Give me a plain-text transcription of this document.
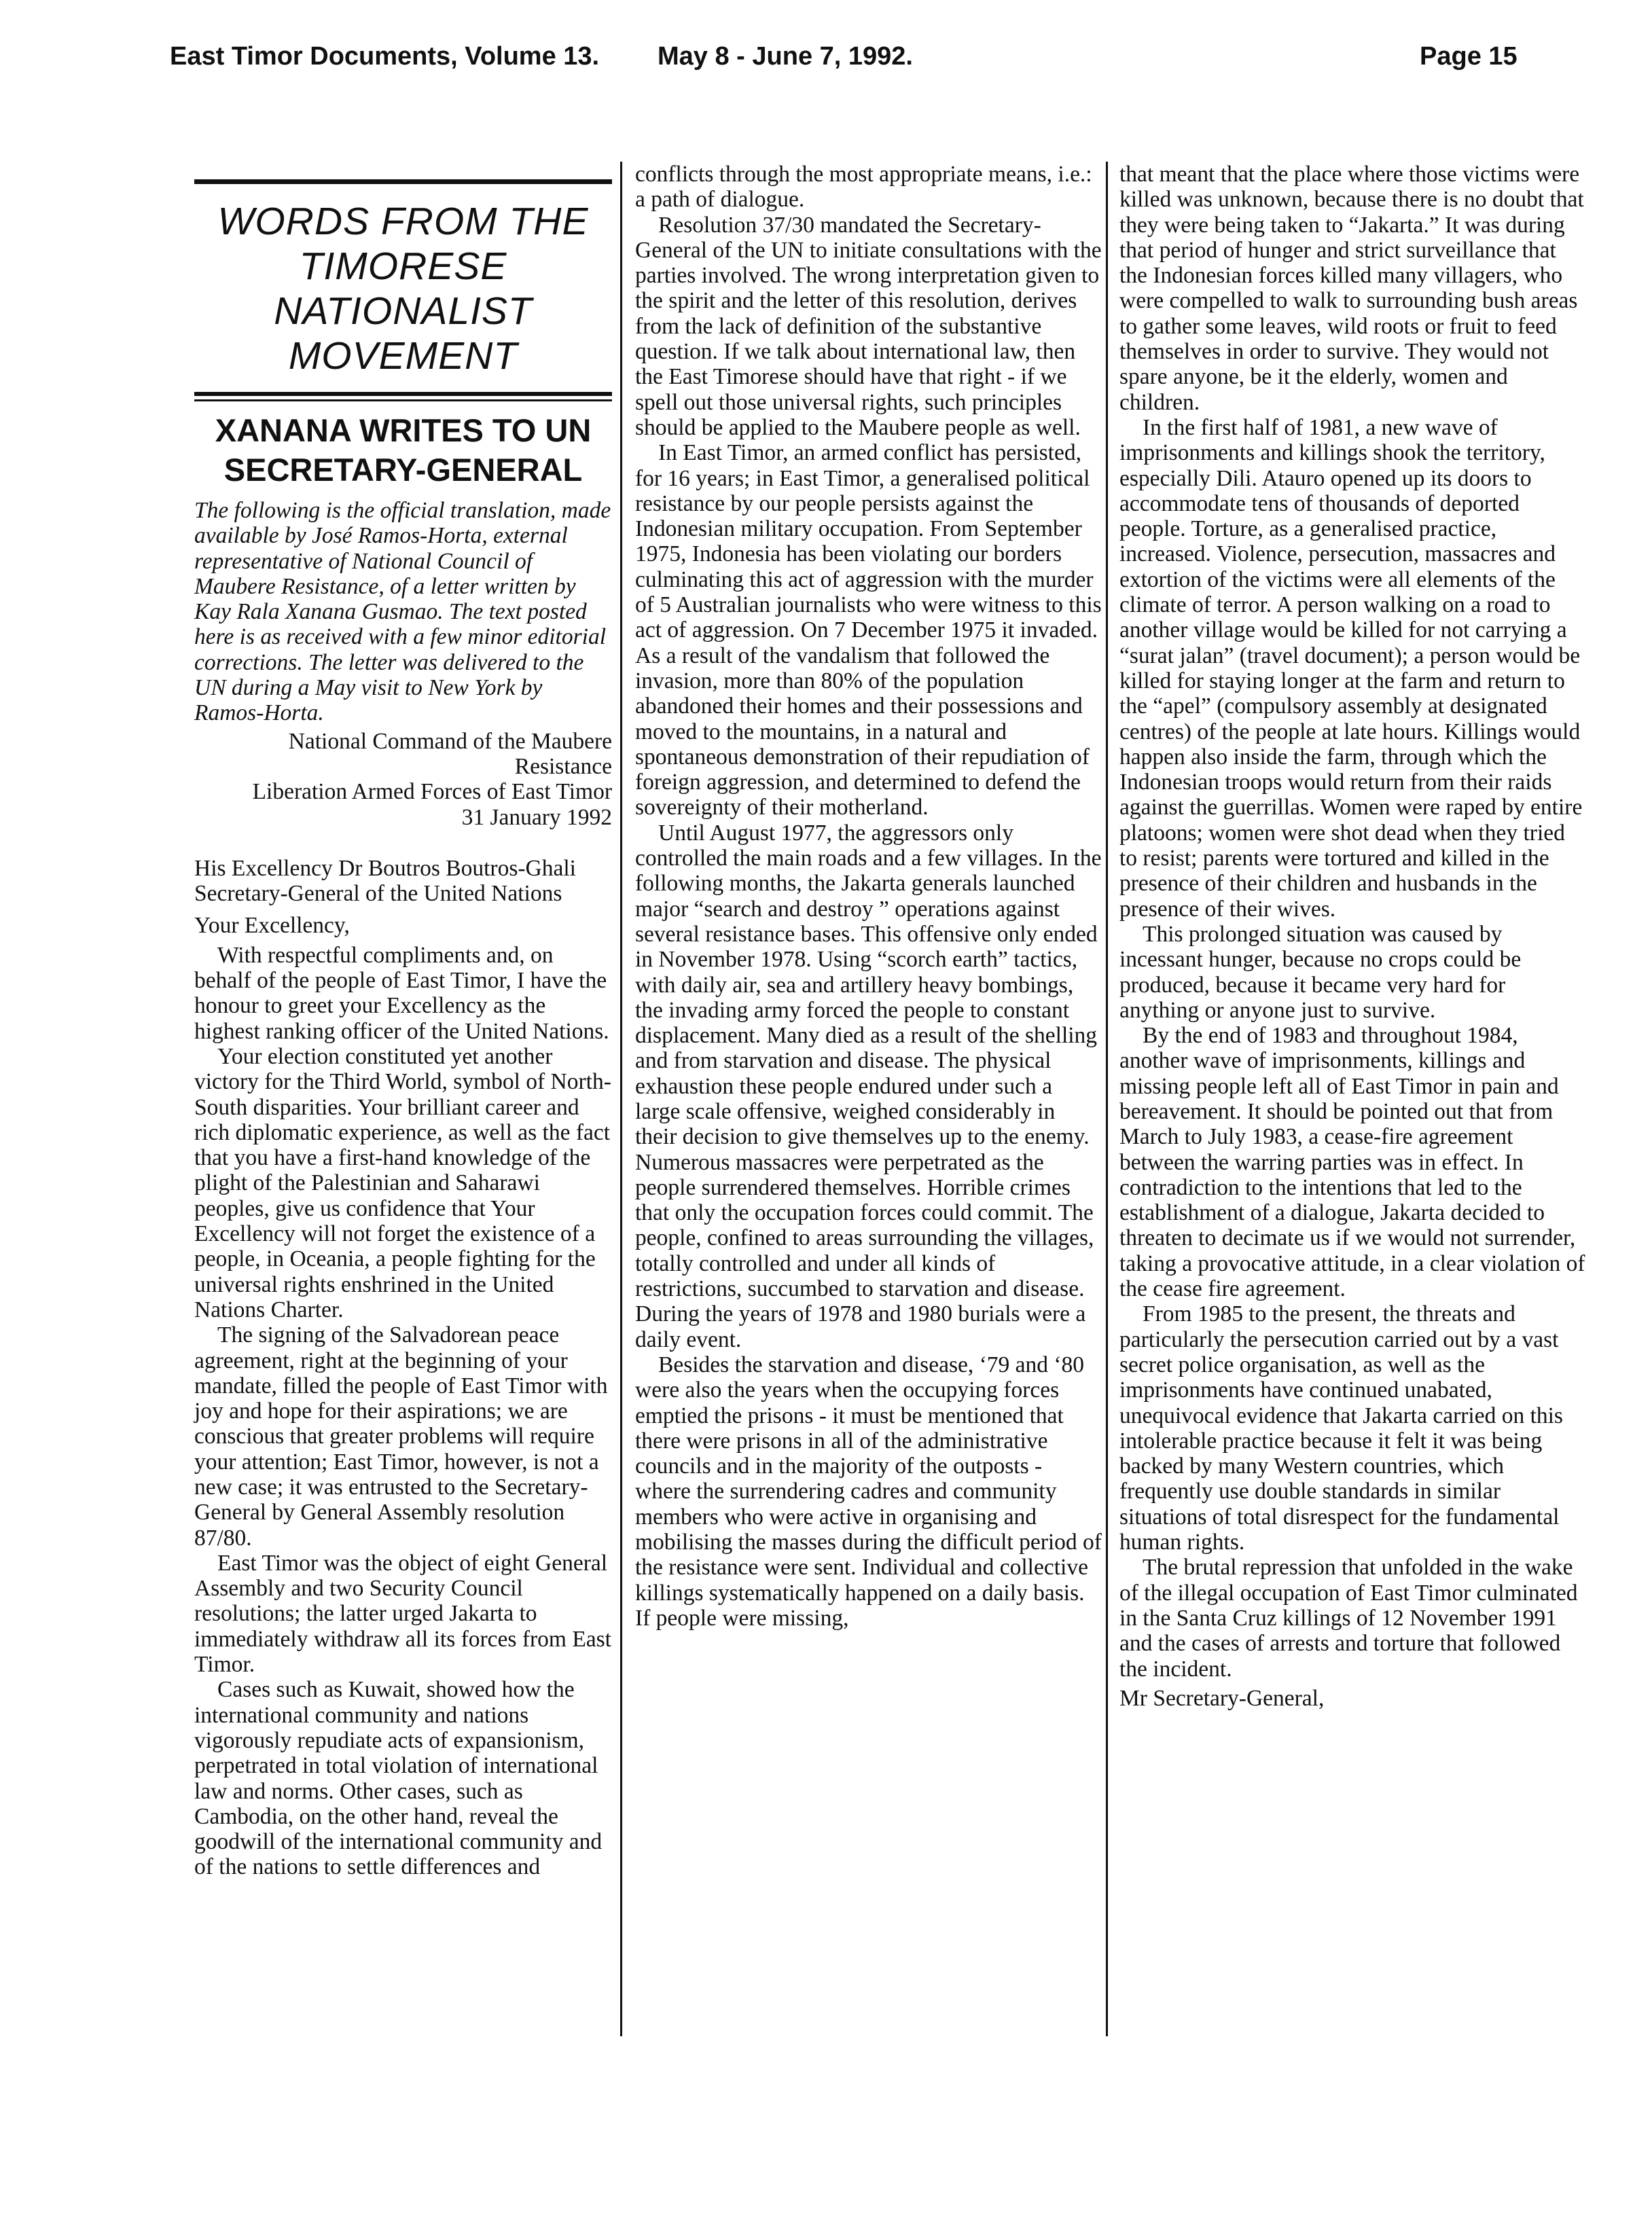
East Timor Documents, Volume 13. May 8 - June 7, 1992.	Page 15
WORDS FROM THE TIMORESE NATIONALIST MOVEMENT
XANANA WRITES TO UN SECRETARY-GENERAL

The following is the official translation, made available by José Ramos-Horta, external representative of National Council of Maubere Resistance, of a letter written by Kay Rala Xanana Gusmao. The text posted here is as received with a few minor editorial corrections. The letter was delivered to the UN during a May visit to New York by Ramos-Horta.

National Command of the Maubere Resistance
Liberation Armed Forces of East Timor
31 January 1992
His Excellency Dr Boutros Boutros-Ghali
Secretary-General of the United Nations
Your Excellency,

With respectful compliments and, on behalf of the people of East Timor, I have the honour to greet your Excellency as the highest ranking officer of the United Nations.

Your election constituted yet another victory for the Third World, symbol of North-South disparities. Your brilliant career and rich diplomatic experience, as well as the fact that you have a first-hand knowledge of the plight of the Palestinian and Saharawi peoples, give us confidence that Your Excellency will not forget the existence of a people, in Oceania, a people fighting for the universal rights enshrined in the United Nations Charter.

The signing of the Salvadorean peace agreement, right at the beginning of your mandate, filled the people of East Timor with joy and hope for their aspirations; we are conscious that greater problems will require your attention; East Timor, however, is not a new case; it was entrusted to the Secretary-General by General Assembly resolution 87/80.

East Timor was the object of eight General Assembly and two Security Council resolutions; the latter urged Jakarta to immediately withdraw all its forces from East Timor.

Cases such as Kuwait, showed how the international community and nations vigorously repudiate acts of expansionism, perpetrated in total violation of international law and norms. Other cases, such as Cambodia, on the other hand, reveal the goodwill of the international community and of the nations to settle differences and

conflicts through the most appropriate means, i.e.: a path of dialogue.

Resolution 37/30 mandated the Secretary-General of the UN to initiate consultations with the parties involved. The wrong interpretation given to the spirit and the letter of this resolution, derives from the lack of definition of the substantive question. If we talk about international law, then the East Timorese should have that right - if we spell out those universal rights, such principles should be applied to the Maubere people as well.

In East Timor, an armed conflict has persisted, for 16 years; in East Timor, a generalised political resistance by our people persists against the Indonesian military occupation. From September 1975, Indonesia has been violating our borders culminating this act of aggression with the murder of 5 Australian journalists who were witness to this act of aggression. On 7 December 1975 it invaded. As a result of the vandalism that followed the invasion, more than 80% of the population abandoned their homes and their possessions and moved to the mountains, in a natural and spontaneous demonstration of their repudiation of foreign aggression, and determined to defend the sovereignty of their motherland.

Until August 1977, the aggressors only controlled the main roads and a few villages. In the following months, the Jakarta generals launched major “search and destroy ” operations against several resistance bases. This offensive only ended in November 1978. Using “scorch earth” tactics, with daily air, sea and artillery heavy bombings, the invading army forced the people to constant displacement. Many died as a result of the shelling and from starvation and disease. The physical exhaustion these people endured under such a large scale offensive, weighed considerably in their decision to give themselves up to the enemy. Numerous massacres were perpetrated as the people surrendered themselves. Horrible crimes that only the occupation forces could commit. The people, confined to areas surrounding the villages, totally controlled and under all kinds of restrictions, succumbed to starvation and disease. During the years of 1978 and 1980 burials were a daily event.

Besides the starvation and disease, ‘79 and ‘80 were also the years when the occupying forces emptied the prisons - it must be mentioned that there were prisons in all of the administrative councils and in the majority of the outposts - where the surrendering cadres and community members who were active in organising and mobilising the masses during the difficult period of the resistance were sent. Individual and collective killings systematically happened on a daily basis. If people were missing,

that meant that the place where those victims were killed was unknown, because there is no doubt that they were being taken to “Jakarta.” It was during that period of hunger and strict surveillance that the Indonesian forces killed many villagers, who were compelled to walk to surrounding bush areas to gather some leaves, wild roots or fruit to feed themselves in order to survive. They would not spare anyone, be it the elderly, women and children.

In the first half of 1981, a new wave of imprisonments and killings shook the territory, especially Dili. Atauro opened up its doors to accommodate tens of thousands of deported people. Torture, as a generalised practice, increased. Violence, persecution, massacres and extortion of the victims were all elements of the climate of terror. A person walking on a road to another village would be killed for not carrying a “surat jalan” (travel document); a person would be killed for staying longer at the farm and return to the “apel” (compulsory assembly at designated centres) of the people at late hours. Killings would happen also inside the farm, through which the Indonesian troops would return from their raids against the guerrillas. Women were raped by entire platoons; women were shot dead when they tried to resist; parents were tortured and killed in the presence of their children and husbands in the presence of their wives.

This prolonged situation was caused by incessant hunger, because no crops could be produced, because it became very hard for anything or anyone just to survive.

By the end of 1983 and throughout 1984, another wave of imprisonments, killings and missing people left all of East Timor in pain and bereavement. It should be pointed out that from March to July 1983, a cease-fire agreement between the warring parties was in effect. In contradiction to the intentions that led to the establishment of a dialogue, Jakarta decided to threaten to decimate us if we would not surrender, taking a provocative attitude, in a clear violation of the cease fire agreement.

From 1985 to the present, the threats and particularly the persecution carried out by a vast secret police organisation, as well as the imprisonments have continued unabated, unequivocal evidence that Jakarta carried on this intolerable practice because it felt it was being backed by many Western countries, which frequently use double standards in similar situations of total disrespect for the fundamental human rights.

The brutal repression that unfolded in the wake of the illegal occupation of East Timor culminated in the Santa Cruz killings of 12 November 1991 and the cases of arrests and torture that followed the incident.

Mr Secretary-General,
